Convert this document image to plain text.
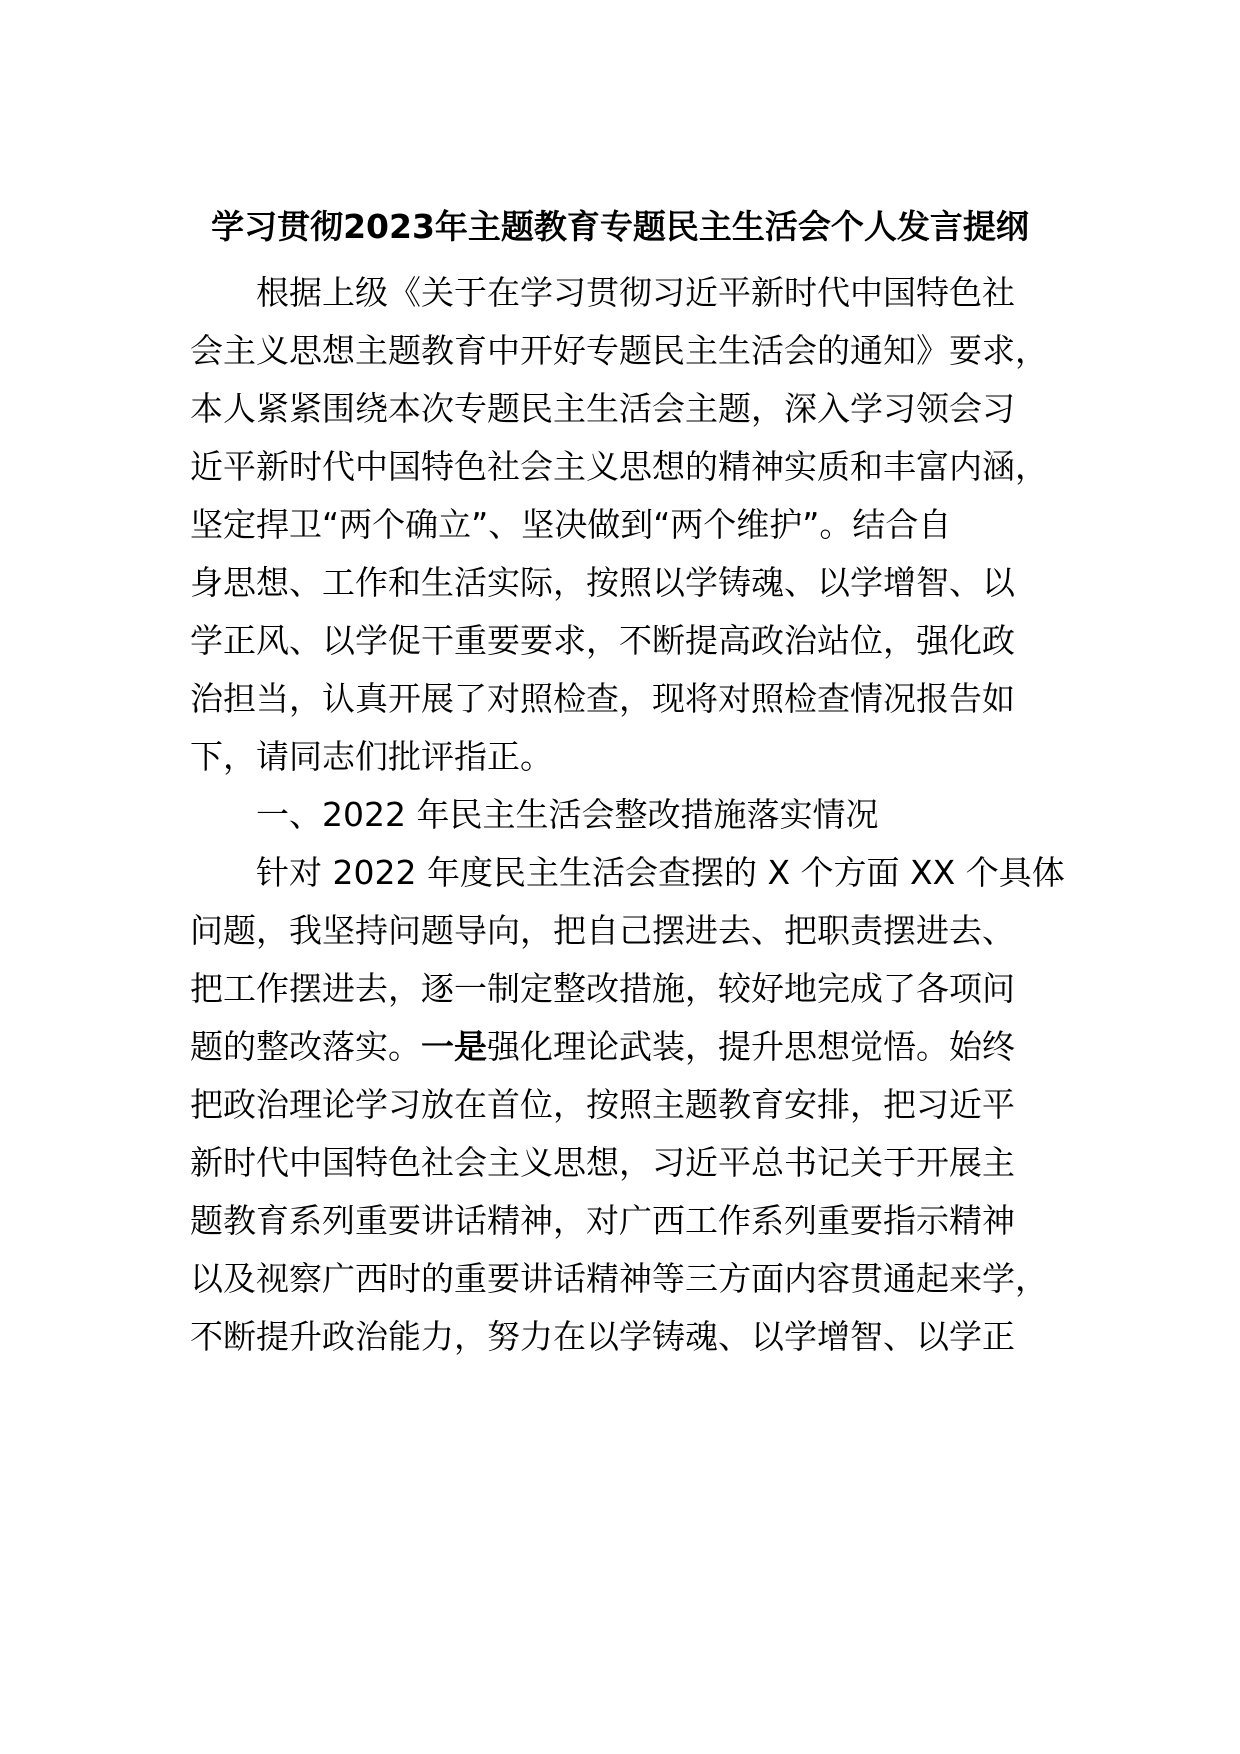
学习贯彻2023年主题教育专题民主生活会个人发言提纲

根据上级《关于在学习贯彻习近平新时代中国特色社

会主义思想主题教育中开好专题民主生活会的通知》要求，

本人紧紧围绕本次专题民主生活会主题，深入学习领会习

近平新时代中国特色社会主义思想的精神实质和丰富内涵，

坚定捍卫“两个确立”、坚决做到“两个维护”。结合自

身思想、工作和生活实际，按照以学铸魂、以学增智、以

学正风、以学促干重要要求，不断提高政治站位，强化政

治担当，认真开展了对照检查，现将对照检查情况报告如

下，请同志们批评指正。

一、2022 年民主生活会整改措施落实情况

针对 2022 年度民主生活会查摆的 X 个方面 XX 个具体

问题，我坚持问题导向，把自己摆进去、把职责摆进去、

把工作摆进去，逐一制定整改措施，较好地完成了各项问

题的整改落实。一是强化理论武装，提升思想觉悟。始终

把政治理论学习放在首位，按照主题教育安排，把习近平

新时代中国特色社会主义思想，习近平总书记关于开展主

题教育系列重要讲话精神，对广西工作系列重要指示精神

以及视察广西时的重要讲话精神等三方面内容贯通起来学，

不断提升政治能力，努力在以学铸魂、以学增智、以学正
